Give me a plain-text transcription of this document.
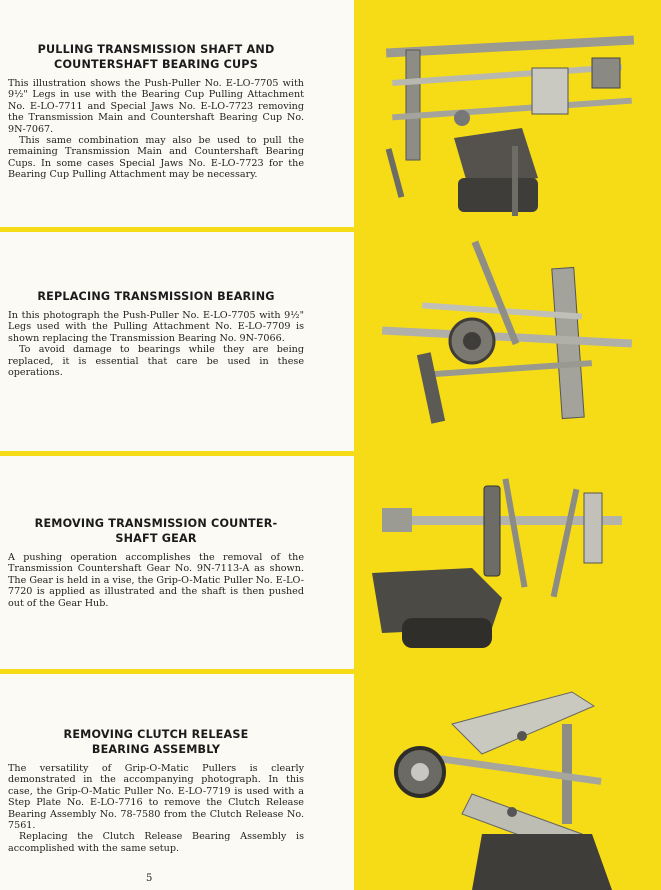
PULLING TRANSMISSION SHAFT AND
COUNTERSHAFT BEARING CUPS

This illustration shows the Push-Puller No. E-LO-7705 with 9½" Legs in use with the Bearing Cup Pulling Attachment No. E-LO-7711 and Special Jaws No. E-LO-7723 removing the Transmission Main and Countershaft Bearing Cup No. 9N-7067.

This same combination may also be used to pull the remaining Transmission Main and Countershaft Bearing Cups. In some cases Special Jaws No. E-LO-7723 for the Bearing Cup Pulling Attachment may be necessary.

REPLACING TRANSMISSION BEARING

In this photograph the Push-Puller No. E-LO-7705 with 9½" Legs used with the Pulling Attachment No. E-LO-7709 is shown replacing the Transmission Bearing No. 9N-7066.

To avoid damage to bearings while they are being replaced, it is essential that care be used in these operations.

REMOVING TRANSMISSION COUNTER-
SHAFT GEAR

A pushing operation accomplishes the removal of the Transmission Countershaft Gear No. 9N-7113-A as shown. The Gear is held in a vise, the Grip-O-Matic Puller No. E-LO-7720 is applied as illustrated and the shaft is then pushed out of the Gear Hub.

REMOVING CLUTCH RELEASE
BEARING ASSEMBLY

The versatility of Grip-O-Matic Pullers is clearly demonstrated in the accompanying photograph. In this case, the Grip-O-Matic Puller No. E-LO-7719 is used with a Step Plate No. E-LO-7716 to remove the Clutch Release Bearing Assembly No. 78-7580 from the Clutch Release No. 7561.

Replacing the Clutch Release Bearing Assembly is accomplished with the same setup.

5
